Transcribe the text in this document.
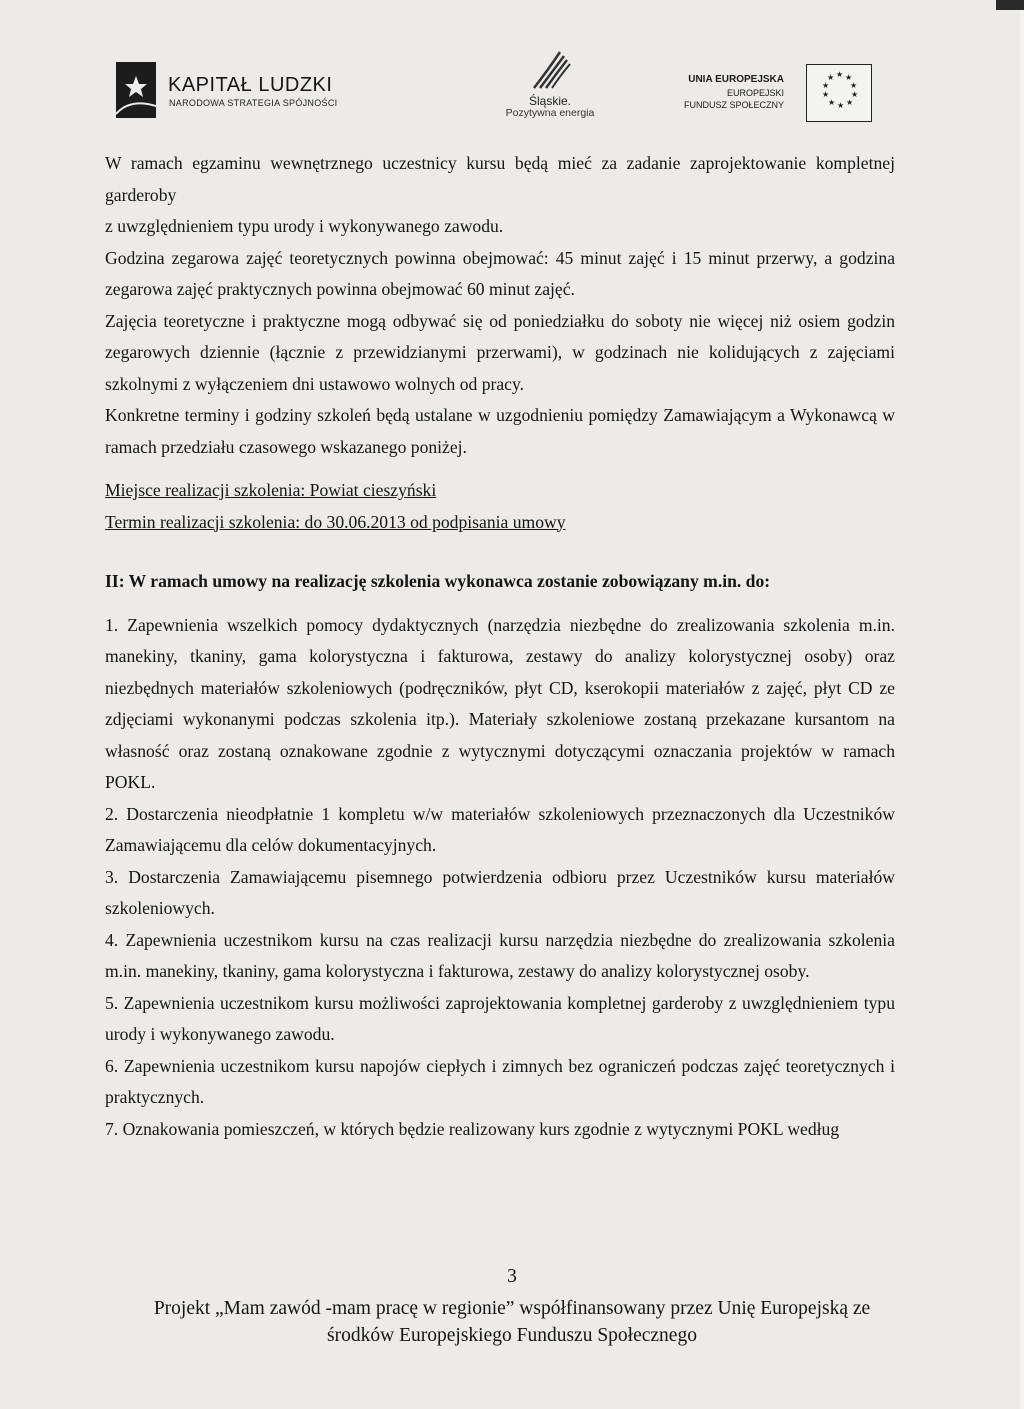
KAPITAŁ LUDZKI
NARODOWA STRATEGIA SPÓJNOŚCI	Śląskie.
Pozytywna energia
UNIA EUROPEJSKA
EUROPEJSKI
FUNDUSZ SPOŁECZNY
★ ★
★
★
★
★
★
★
★
★

W ramach egzaminu wewnętrznego uczestnicy kursu będą mieć za zadanie zaprojektowanie kompletnej garderoby

z uwzględnieniem typu urody i wykonywanego zawodu.

Godzina zegarowa zajęć teoretycznych powinna obejmować: 45 minut zajęć i 15 minut przerwy, a godzina zegarowa zajęć praktycznych powinna obejmować 60 minut zajęć.

Zajęcia teoretyczne i praktyczne mogą odbywać się od poniedziałku do soboty nie więcej niż osiem godzin zegarowych dziennie (łącznie z przewidzianymi przerwami), w godzinach nie kolidujących z zajęciami szkolnymi z wyłączeniem dni ustawowo wolnych od pracy.

Konkretne terminy i godziny szkoleń będą ustalane w uzgodnieniu pomiędzy Zamawiającym a Wykonawcą w ramach przedziału czasowego wskazanego poniżej.

Miejsce realizacji szkolenia: Powiat cieszyński

Termin realizacji szkolenia: do 30.06.2013 od podpisania umowy

II: W ramach umowy na realizację szkolenia wykonawca zostanie zobowiązany m.in. do:

1. Zapewnienia wszelkich pomocy dydaktycznych (narzędzia niezbędne do zrealizowania szkolenia m.in. manekiny, tkaniny, gama kolorystyczna i fakturowa, zestawy do analizy kolorystycznej osoby) oraz niezbędnych materiałów szkoleniowych (podręczników, płyt CD, kserokopii materiałów z zajęć, płyt CD ze zdjęciami wykonanymi podczas szkolenia itp.). Materiały szkoleniowe zostaną przekazane kursantom na własność oraz zostaną oznakowane zgodnie z wytycznymi dotyczącymi oznaczania projektów w ramach POKL.

2. Dostarczenia nieodpłatnie 1 kompletu w/w materiałów szkoleniowych przeznaczonych dla Uczestników Zamawiającemu dla celów dokumentacyjnych.

3. Dostarczenia Zamawiającemu pisemnego potwierdzenia odbioru przez Uczestników kursu materiałów szkoleniowych.

4. Zapewnienia uczestnikom kursu na czas realizacji kursu narzędzia niezbędne do zrealizowania szkolenia m.in. manekiny, tkaniny, gama kolorystyczna i fakturowa, zestawy do analizy kolorystycznej osoby.

5. Zapewnienia uczestnikom kursu możliwości zaprojektowania kompletnej garderoby z uwzględnieniem typu urody i wykonywanego zawodu.

6. Zapewnienia uczestnikom kursu napojów ciepłych i zimnych bez ograniczeń podczas zajęć teoretycznych i praktycznych.

7. Oznakowania pomieszczeń, w których będzie realizowany kurs zgodnie z wytycznymi POKL według

3
Projekt „Mam zawód -mam pracę w regionie” współfinansowany przez Unię Europejską ze
środków Europejskiego Funduszu Społecznego
